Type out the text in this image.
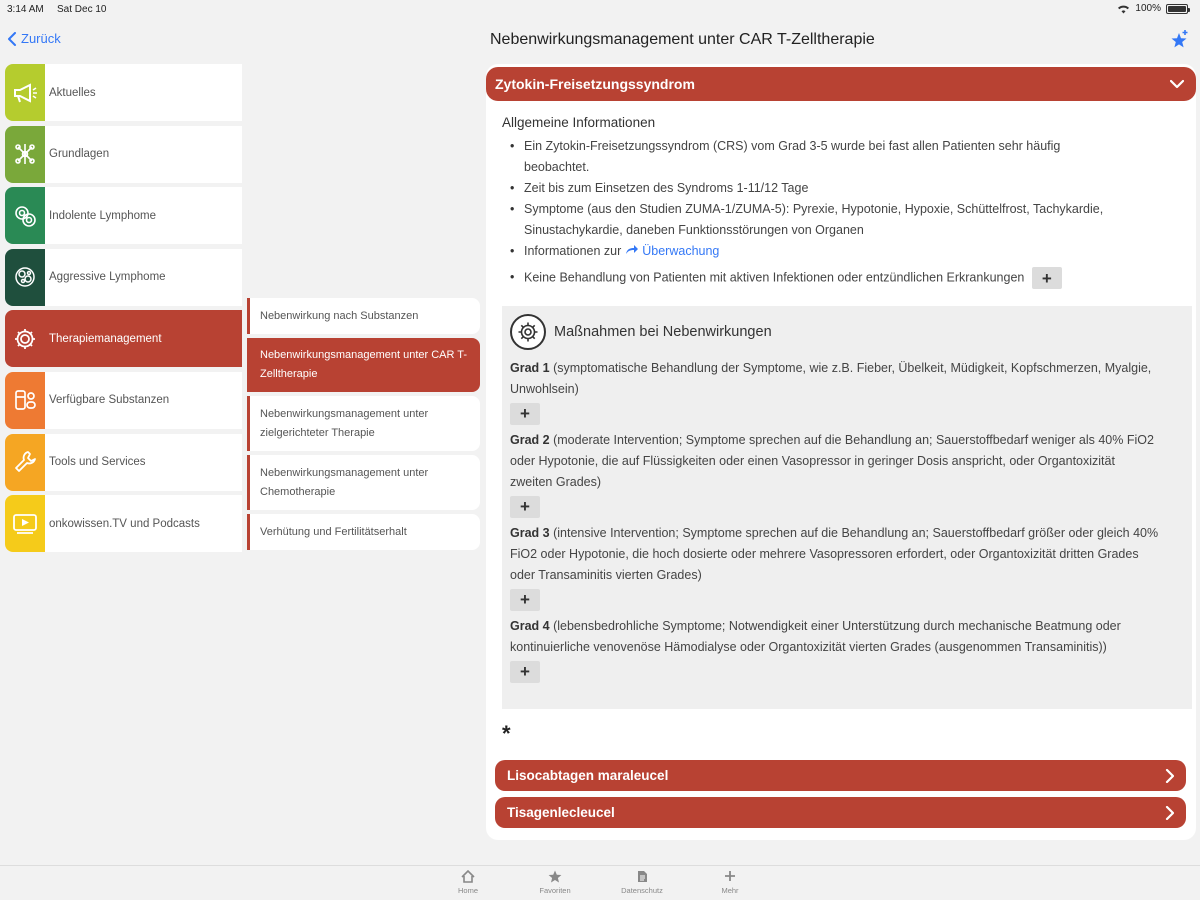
3:14 AM Sat Dec 10	100%
Zurück	Nebenwirkungsmanagement unter CAR T-Zelltherapie
Aktuelles
Grundlagen
Indolente Lymphome
Aggressive Lymphome
Therapiemanagement
Verfügbare Substanzen
Tools und Services
onkowissen.TV und Podcasts
Nebenwirkung nach Substanzen
Nebenwirkungsmanagement unter CAR T-Zelltherapie
Nebenwirkungsmanagement unter zielgerichteter Therapie
Nebenwirkungsmanagement unter Chemotherapie
Verhütung und Fertilitätserhalt
Zytokin-Freisetzungssyndrom
Allgemeine Informationen
• Ein Zytokin-Freisetzungssyndrom (CRS) vom Grad 3-5 wurde bei fast allen Patienten sehr häufig beobachtet.
• Zeit bis zum Einsetzen des Syndroms 1-11/12 Tage
• Symptome (aus den Studien ZUMA-1/ZUMA-5): Pyrexie, Hypotonie, Hypoxie, Schüttelfrost, Tachykardie, Sinustachykardie, daneben Funktionsstörungen von Organen
• Informationen zur Überwachung
• Keine Behandlung von Patienten mit aktiven Infektionen oder entzündlichen Erkrankungen +
Maßnahmen bei Nebenwirkungen
Grad 1 (symptomatische Behandlung der Symptome, wie z.B. Fieber, Übelkeit, Müdigkeit, Kopfschmerzen, Myalgie, Unwohlsein)
+
Grad 2 (moderate Intervention; Symptome sprechen auf die Behandlung an; Sauerstoffbedarf weniger als 40% FiO2 oder Hypotonie, die auf Flüssigkeiten oder einen Vasopressor in geringer Dosis anspricht, oder Organtoxizität zweiten Grades)
+
Grad 3 (intensive Intervention; Symptome sprechen auf die Behandlung an; Sauerstoffbedarf größer oder gleich 40% FiO2 oder Hypotonie, die hoch dosierte oder mehrere Vasopressoren erfordert, oder Organtoxizität dritten Grades oder Transaminitis vierten Grades)
+
Grad 4 (lebensbedrohliche Symptome; Notwendigkeit einer Unterstützung durch mechanische Beatmung oder kontinuierliche venovenöse Hämodialyse oder Organtoxizität vierten Grades (ausgenommen Transaminitis))
+
*
Lisocabtagen maraleucel
Tisagenlecleucel
Home	Favoriten	Datenschutz	Mehr
